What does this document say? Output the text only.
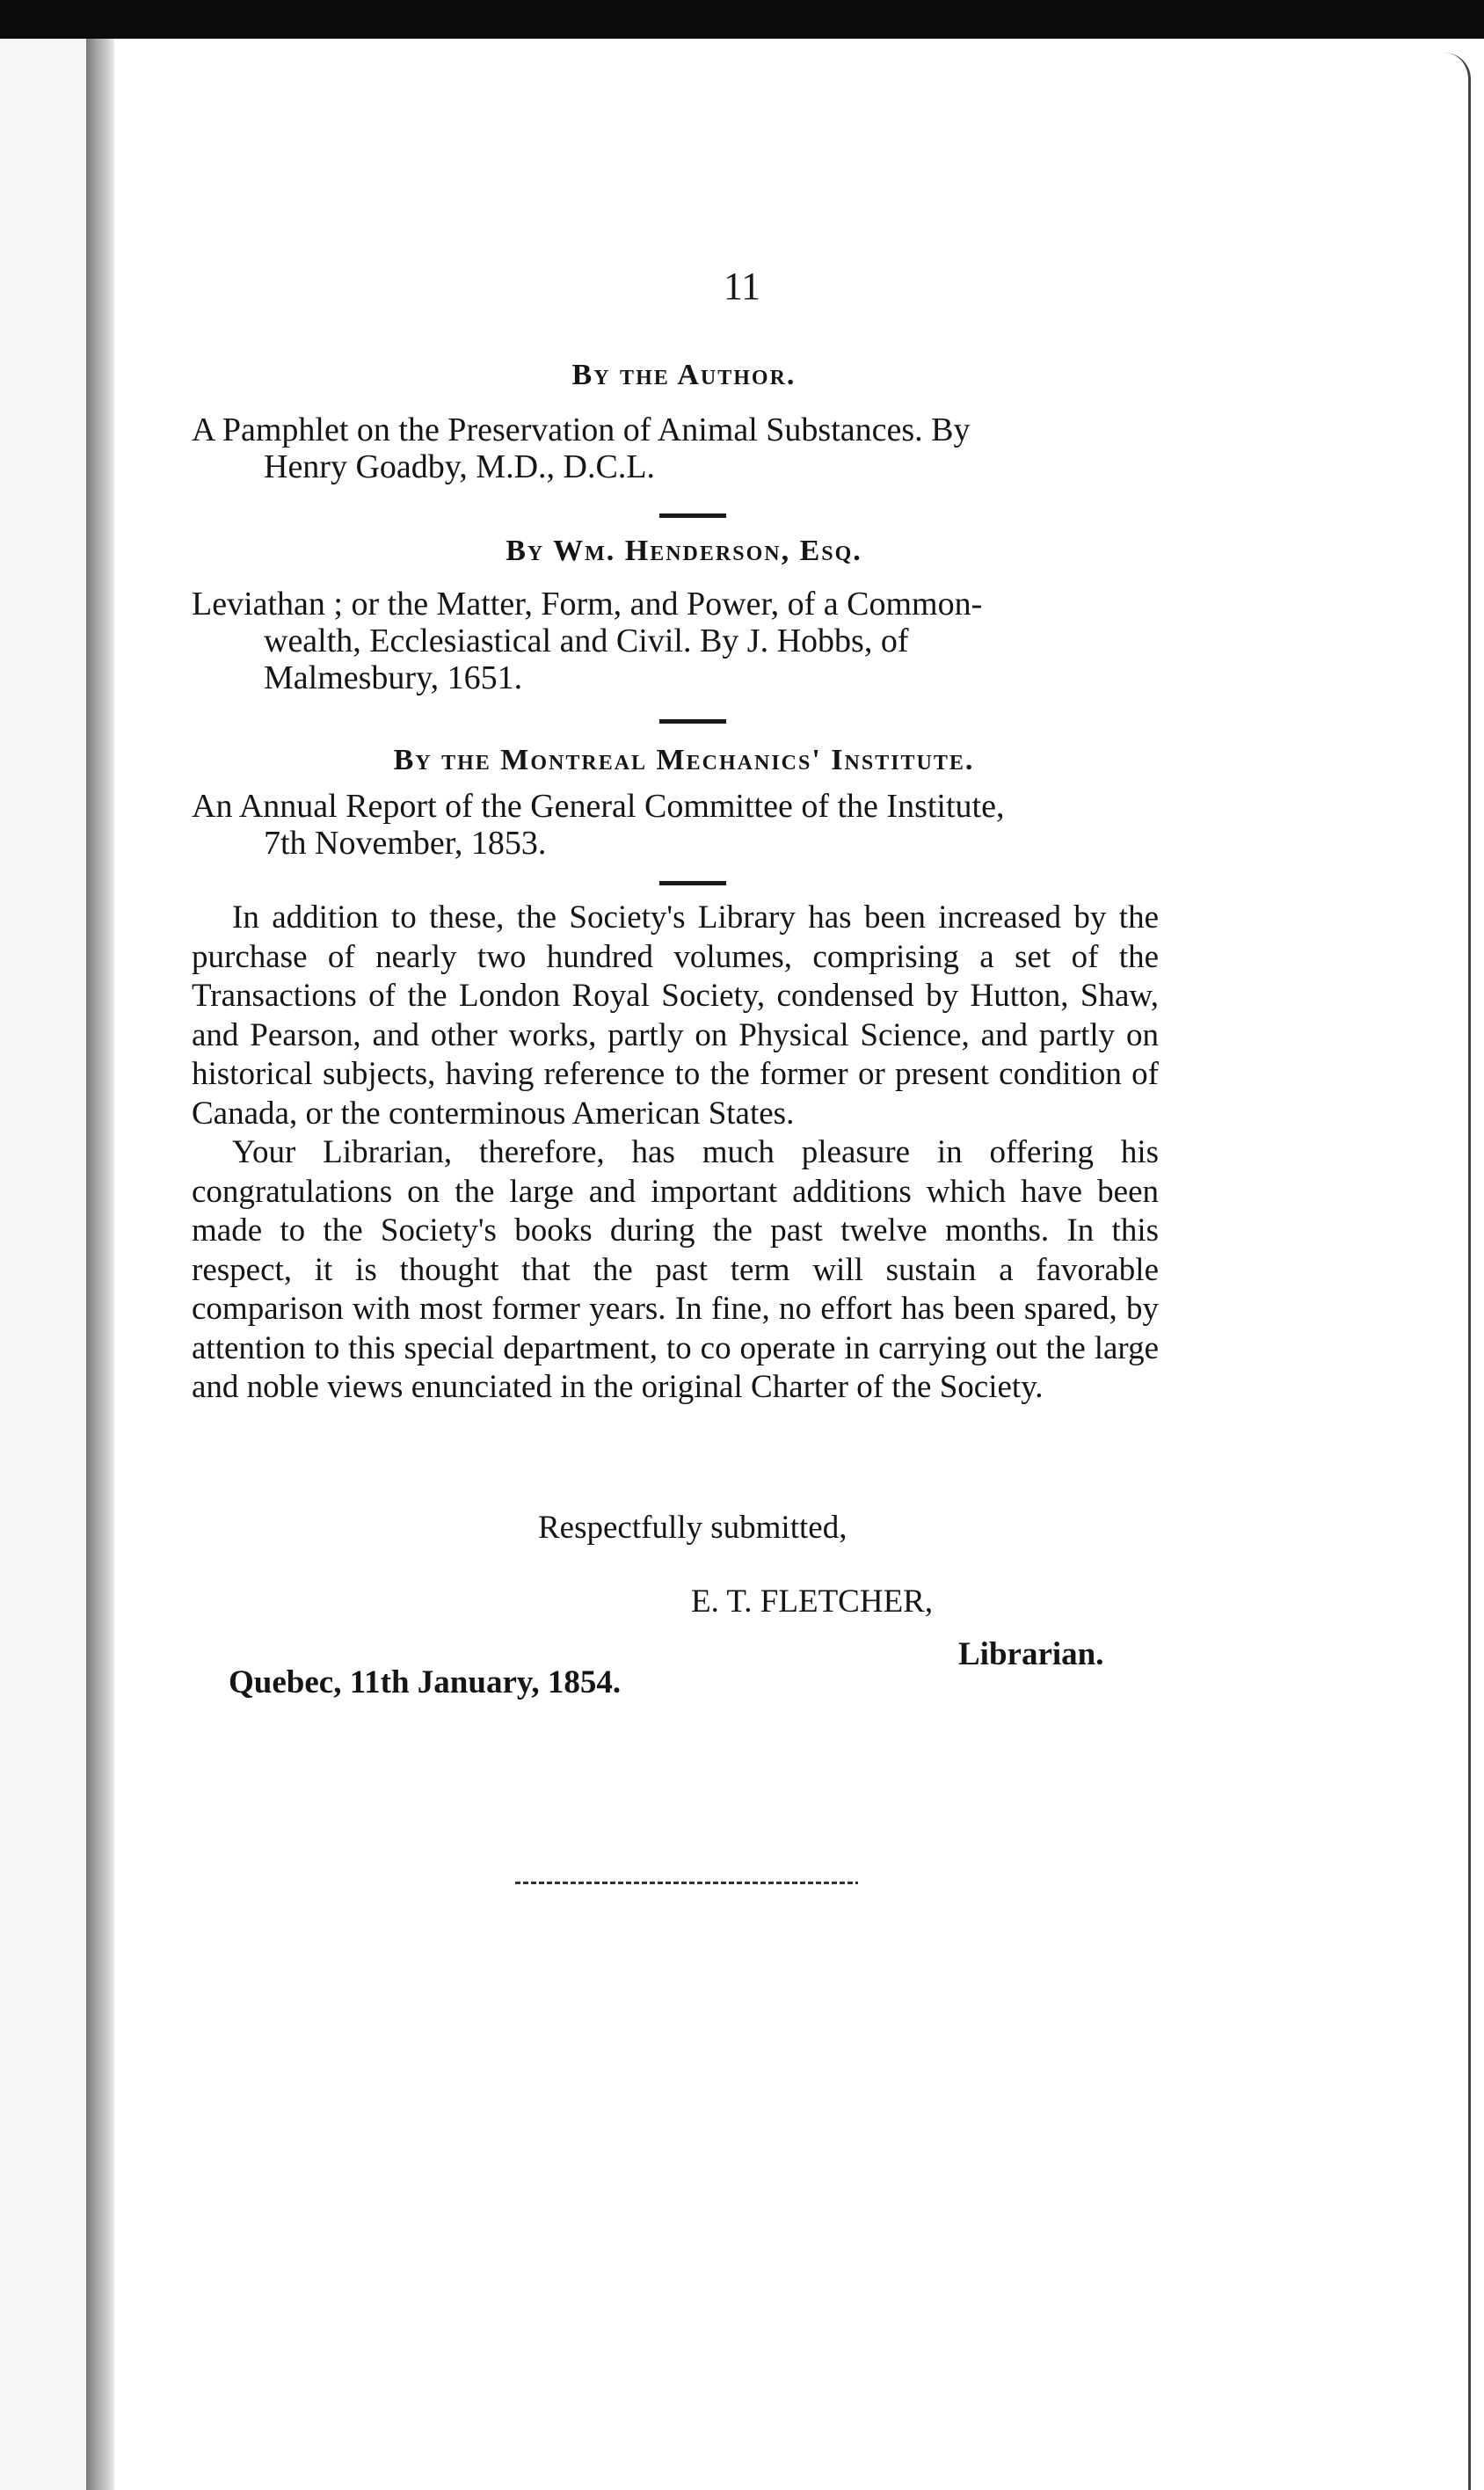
11
By the Author.
A Pamphlet on the Preservation of Animal Substances. By
Henry Goadby, M.D., D.C.L.
By Wm. Henderson, Esq.
Leviathan ; or the Matter, Form, and Power, of a Common-
wealth, Ecclesiastical and Civil. By J. Hobbs, of
Malmesbury, 1651.
By the Montreal Mechanics' Institute.
An Annual Report of the General Committee of the Institute,
7th November, 1853.

In addition to these, the Society's Library has been increased by the purchase of nearly two hundred volumes, comprising a set of the Transactions of the London Royal Society, condensed by Hutton, Shaw, and Pearson, and other works, partly on Physical Science, and partly on historical subjects, having reference to the former or present condition of Canada, or the conterminous American States.

Your Librarian, therefore, has much pleasure in offering his congratulations on the large and important additions which have been made to the Society's books during the past twelve months. In this respect, it is thought that the past term will sustain a favorable comparison with most former years. In fine, no effort has been spared, by attention to this special department, to co operate in carrying out the large and noble views enunciated in the original Charter of the Society.

Respectfully submitted,
E. T. FLETCHER,
Librarian.
Quebec, 11th January, 1854.
